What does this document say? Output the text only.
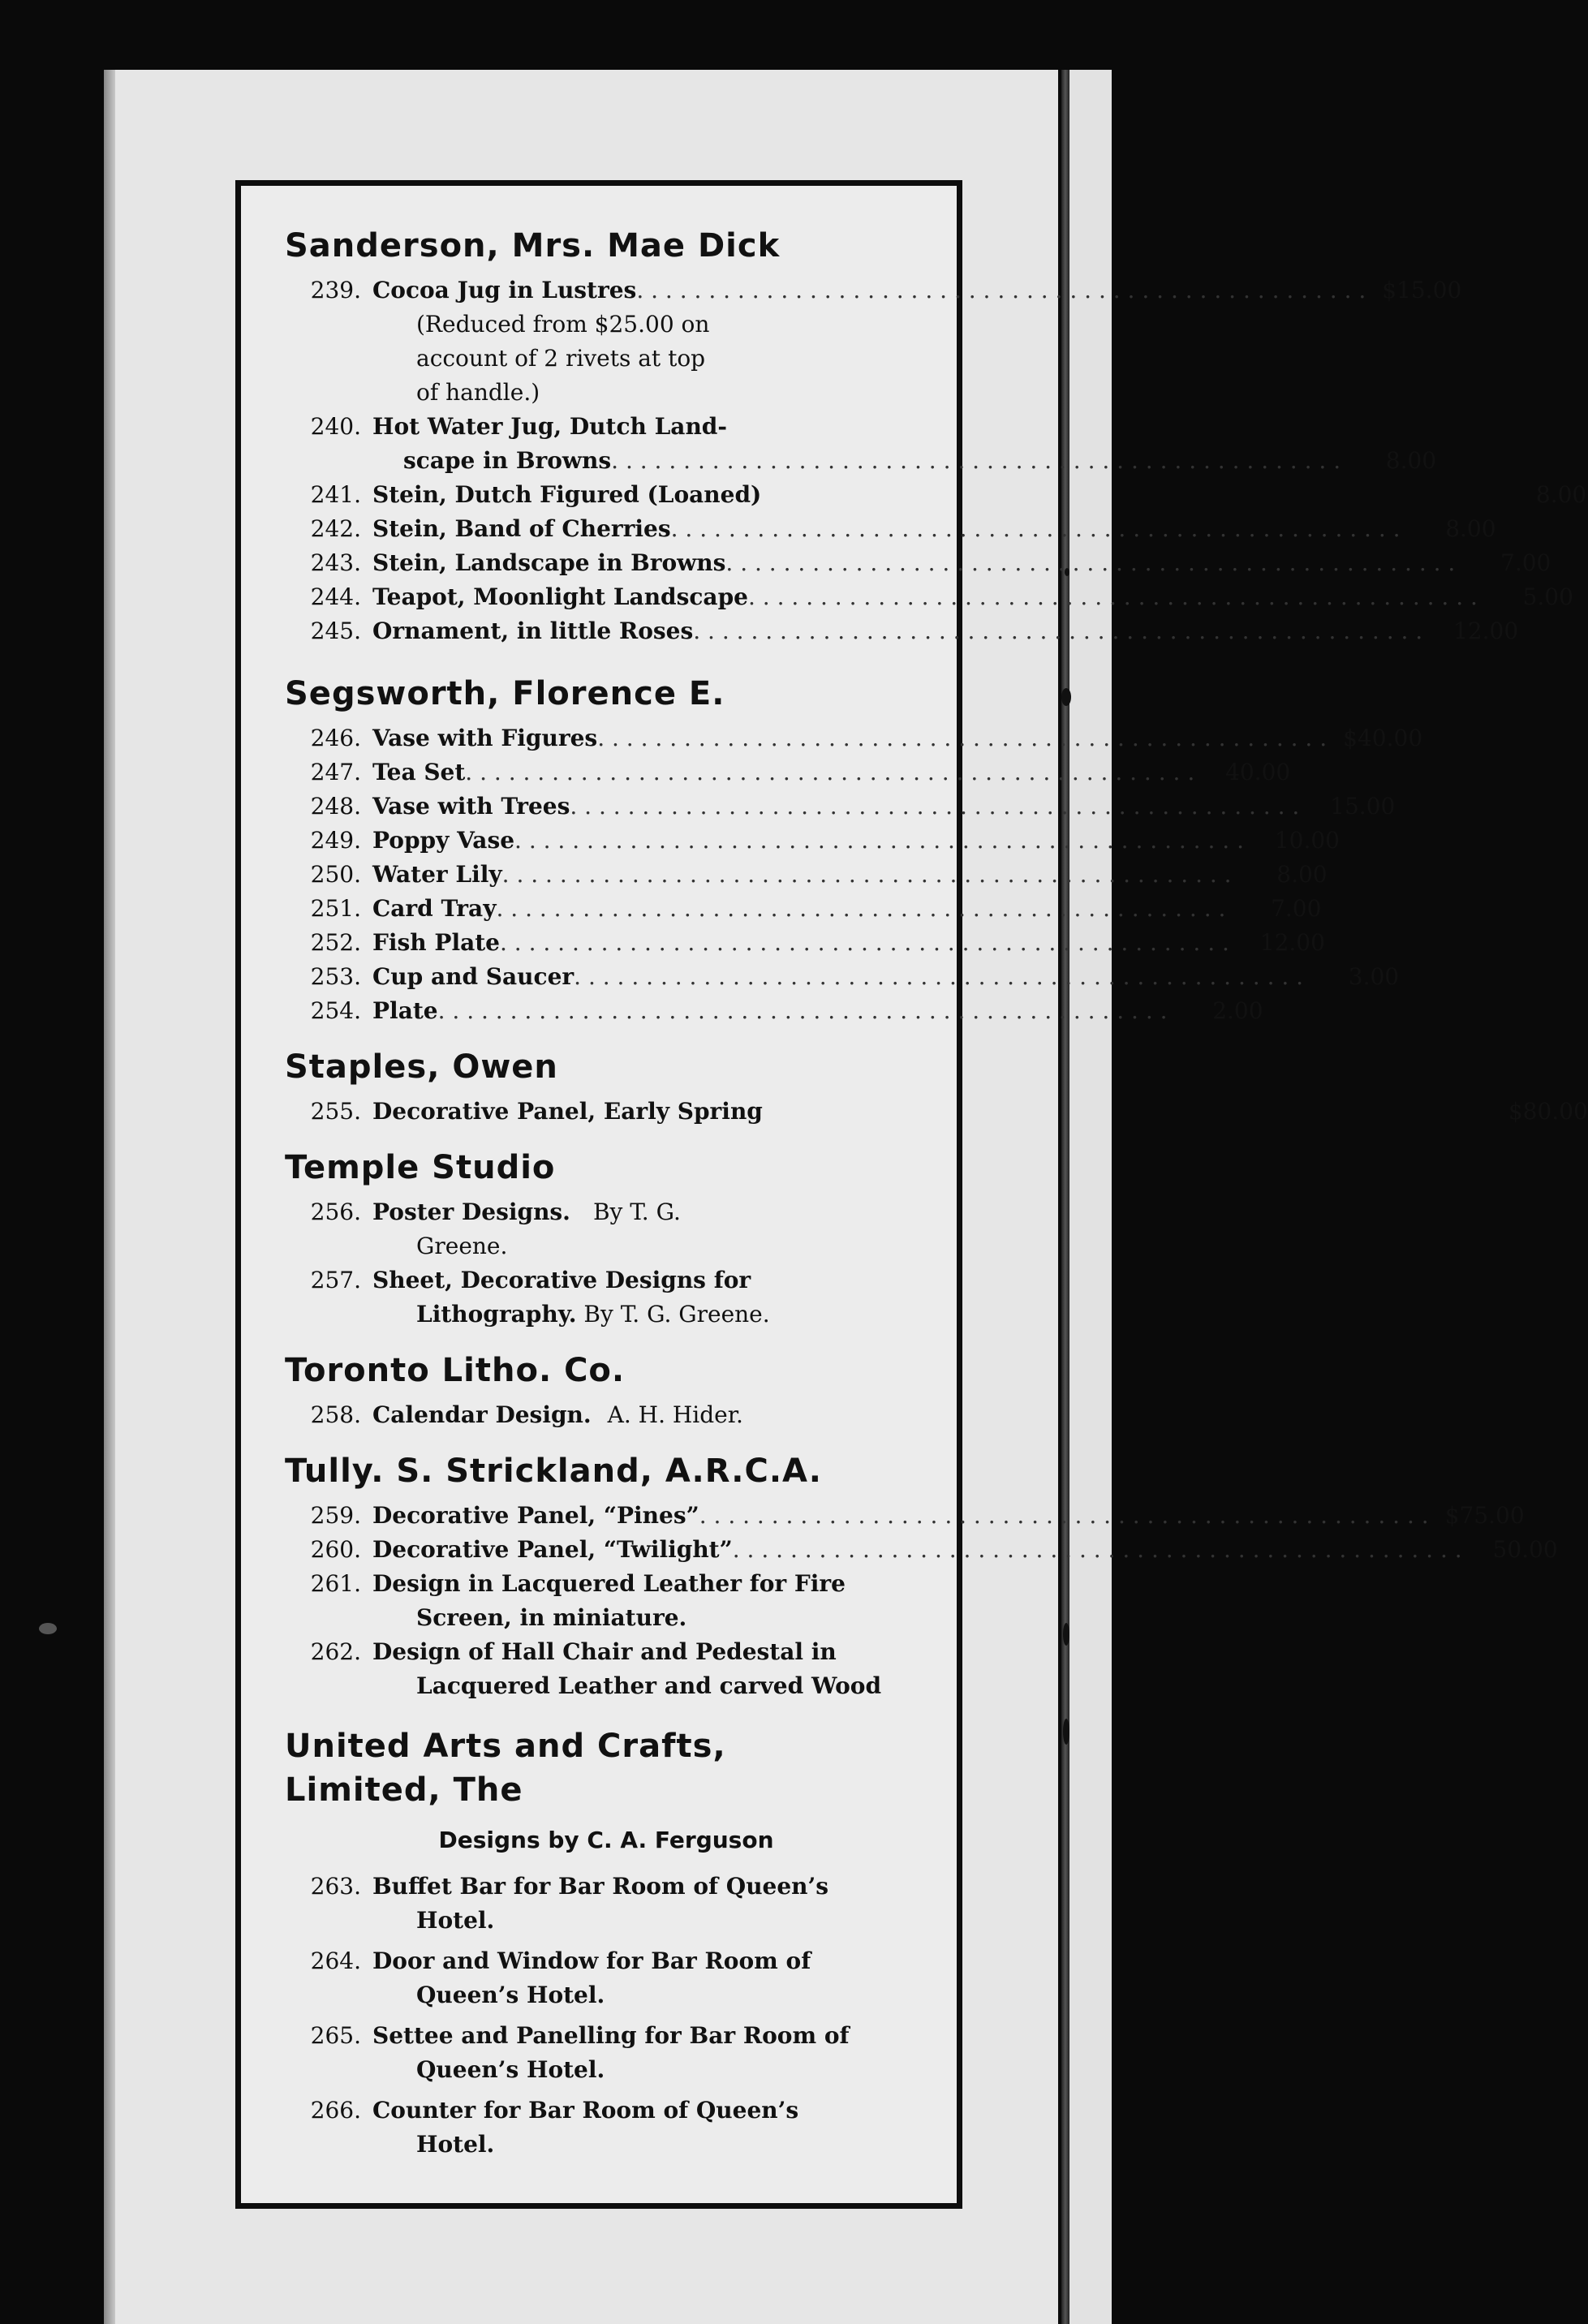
Sanderson, Mrs. Mae Dick
239. Cocoa Jug in Lustres . . .	$15.00
(Reduced from $25.00 on
account of 2 rivets at top
of handle.)
240. Hot Water Jug, Dutch Land-
scape in Browns . . .	8.00
241. Stein, Dutch Figured (Loaned)	8.00
242. Stein, Band of Cherries . . .	8.00
243. Stein, Landscape in Browns . . .	7.00
244. Teapot, Moonlight Landscape . . .	5.00
245. Ornament, in little Roses . . .	12.00
Segsworth, Florence E.
246. Vase with Figures . . .	$40.00
247. Tea Set . . .	40.00
248. Vase with Trees . . .	15.00
249. Poppy Vase . . .	10.00
250. Water Lily . . .	8.00
251. Card Tray . . .	7.00
252. Fish Plate . . .	12.00
253. Cup and Saucer . . .	3.00
254. Plate . . .	2.00
Staples, Owen
255. Decorative Panel, Early Spring	$80.00
Temple Studio
256. Poster Designs. By T. G.
Greene.
257. Sheet, Decorative Designs for
Lithography. By T. G. Greene.
Toronto Litho. Co.
258. Calendar Design. A. H. Hider.
Tully. S. Strickland, A.R.C.A.
259. Decorative Panel, “Pines” . . .	$75.00
260. Decorative Panel, “Twilight” . . .	50.00
261. Design in Lacquered Leather for Fire
Screen, in miniature.
262. Design of Hall Chair and Pedestal in
Lacquered Leather and carved Wood
United Arts and Crafts,
Limited, The
Designs by C. A. Ferguson
263. Buffet Bar for Bar Room of Queen’s
Hotel.
264. Door and Window for Bar Room of
Queen’s Hotel.
265. Settee and Panelling for Bar Room of
Queen’s Hotel.
266. Counter for Bar Room of Queen’s
Hotel.
